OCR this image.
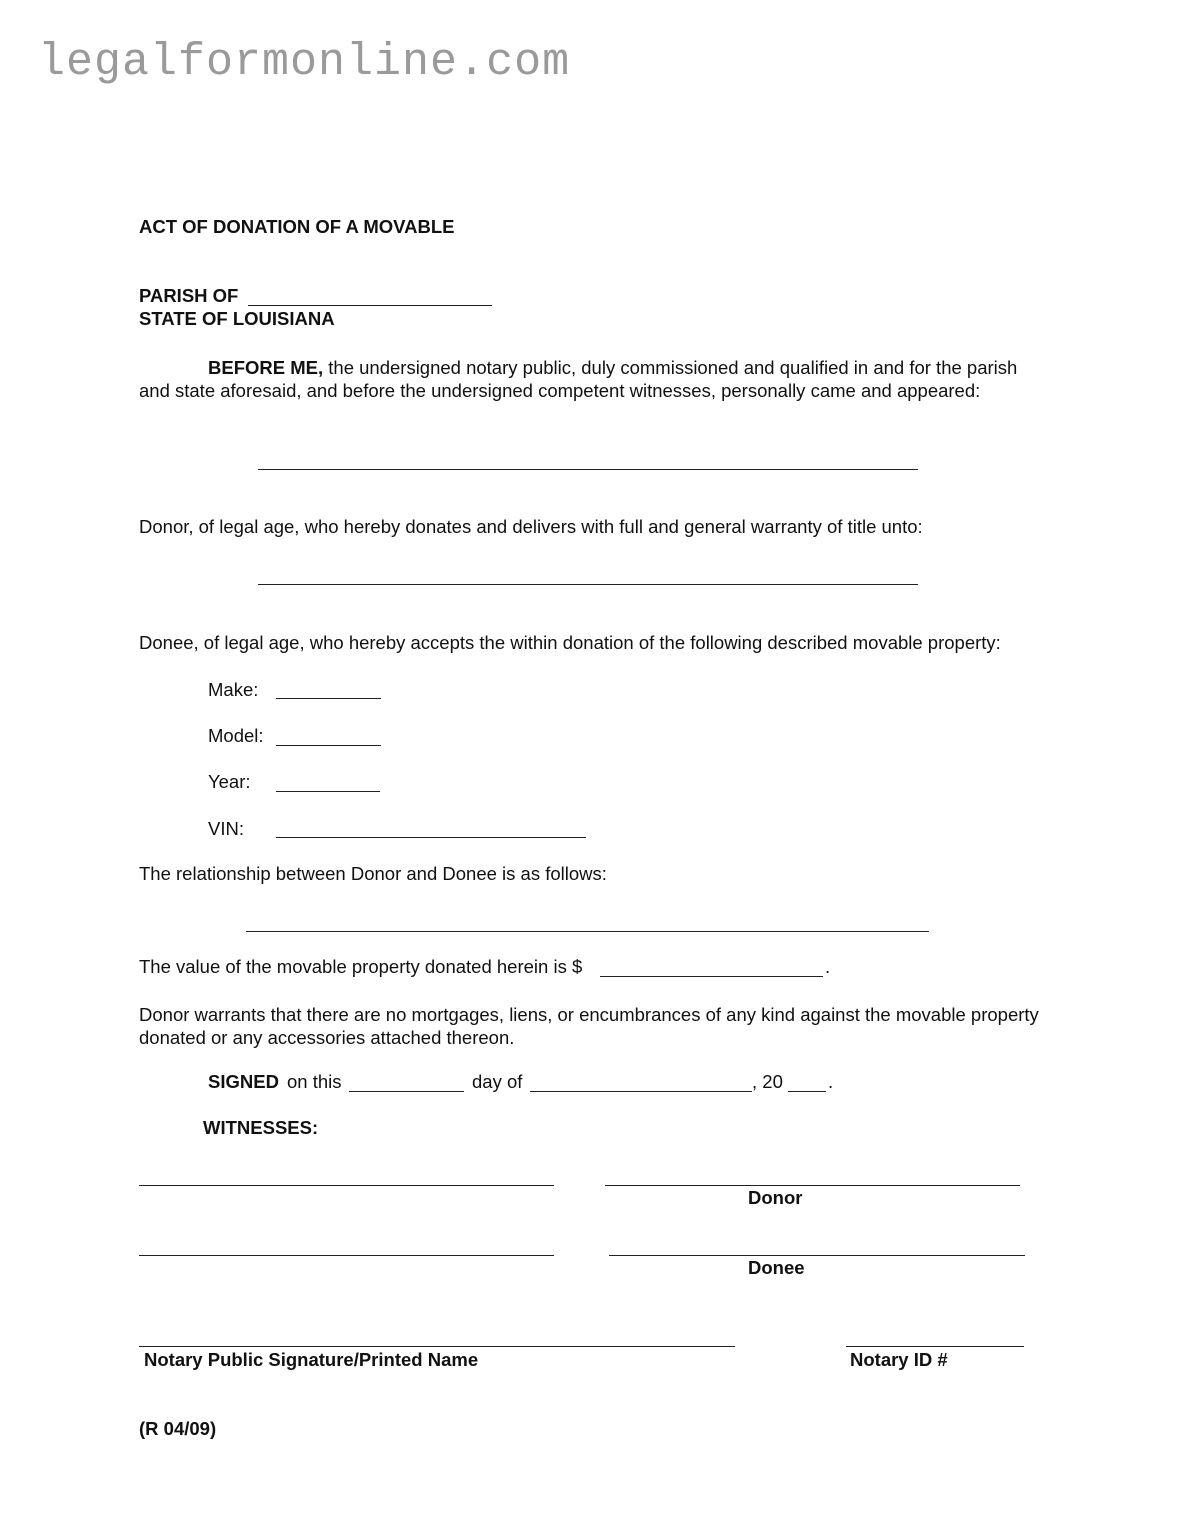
legalformonline.com
ACT OF DONATION OF A MOVABLE
PARISH OF
STATE OF LOUISIANA
BEFORE ME, the undersigned notary public, duly commissioned and qualified in and for the parish and state aforesaid, and before the undersigned competent witnesses, personally came and appeared:
Donor, of legal age, who hereby donates and delivers with full and general warranty of title unto:
Donee, of legal age, who hereby accepts the within donation of the following described movable property:
Make:
Model:
Year:
VIN:
The relationship between Donor and Donee is as follows:
The value of the movable property donated herein is $	.
Donor warrants that there are no mortgages, liens, or encumbrances of any kind against the movable property donated or any accessories attached thereon.
SIGNED on this	day of	, 20 .
WITNESSES:
Donor
Donee
Notary Public Signature/Printed Name	Notary ID #
(R 04/09)
